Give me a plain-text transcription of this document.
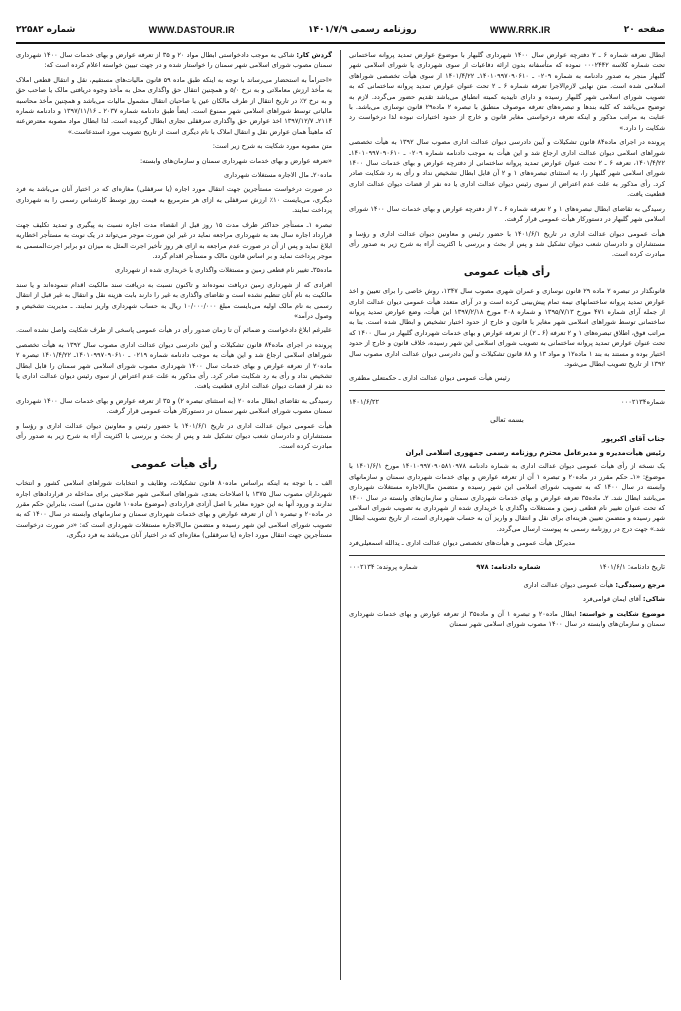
صفحه ۲۰
WWW.RRK.IR
روزنامه رسمی ۱۴۰۱/۷/۹
WWW.DASTOUR.IR
شماره ۲۲۵۸۲

ابطال تعرفه شماره ۶ ـ ۲ دفترچه عوارض سال ۱۴۰۰ شهرداری گلبهار با موضوع عوارض تمدید پروانه ساختمانی تحت شماره کلاسه ۰۰۰۲۴۴۲ نموده که متأسفانه بدون ارائه دفاعیات از سوی شهرداری یا شورای اسلامی شهر گلبهار منجر به صدور دادنامه به شماره ۰۲۰۹ ـ ۱۴۰۱۰۹۹۷۰۹۰۶۱۰ـ ۱۴۰۱/۴/۲۲ از سوی هیأت تخصصی شوراهای اسلامی شده است. متن نهایی لازم‌الاجرا تعرفه شماره ۶ ـ ۲ تحت عنوان عوارض تمدید پروانه ساختمانی که به تصویب شورای اسلامی شهر گلبهار رسیده و دارای تاییدیه کمیته انطباق می‌باشد تقدیم حضور می‌گردد. لازم به توضیح می‌باشد که کلیه بندها و تبصره‌های تعرفه موصوف منطبق با تبصره ۲ ماده۲۹ قانون نوسازی می‌باشد. با عنایت به مراتب مذکور و اینکه تعرفه درخواستی مغایر قانون و خارج از حدود اختیارات نبوده لذا درخواست رد شکایت را دارد.»

پرونده در اجرای ماده۸۴ قانون تشکیلات و آیین دادرسی دیوان عدالت اداری مصوب سال ۱۳۹۲ به هیأت تخصصی شوراهای اسلامی دیوان عدالت اداری ارجاع شد و این هیأت به موجب دادنامه شماره ۰۲۰۹ ـ ۱۴۰۱۰۹۹۷۰۹۰۶۱۰ـ ۱۴۰۱/۴/۲۲، تعرفه ۶ ـ ۲ تحت عنوان عوارض تمدید پروانه ساختمانی از دفترچه عوارض و بهای خدمات سال ۱۴۰۰ شورای اسلامی شهر گلبهار را، به استثنای تبصره‌های ۱ و ۲ آن قابل ابطال تشخیص نداد و رأی به رد شکایت صادر کرد. رأی مذکور به علت عدم اعتراض از سوی رئیس دیوان عدالت اداری یا ده نفر از قضات دیوان عدالت اداری قطعیت یافت.

رسیدگی به تقاضای ابطال تبصره‌های ۱ و ۲ تعرفه شماره ۶ ـ ۲ از دفترچه عوارض و بهای خدمات سال ۱۴۰۰ شورای اسلامی شهر گلبهار در دستورکار هیأت عمومی قرار گرفت.

هیأت عمومی دیوان عدالت اداری در تاریخ ۱۴۰۱/۶/۱ با حضور رئیس و معاونین دیوان عدالت اداری و رؤسا و مستشاران و دادرسان شعب دیوان تشکیل شد و پس از بحث و بررسی با اکثریت آراء به شرح زیر به صدور رأی مبادرت کرده است.

رأی هیأت عمومی

قانونگذار در تبصره ۲ ماده ۲۹ قانون نوسازی و عمران شهری مصوب سال ۱۳۴۷، روش خاصی را برای تعیین و اخذ عوارض تمدید پروانه ساختمانهای نیمه تمام پیش‌بینی کرده است و در آرای متعدد هیأت عمومی دیوان عدالت اداری از جمله آرای شماره ۴۷۱ مورخ ۱۳۹۵/۷/۱۳ و شماره ۳۰۸ مورخ ۱۳۹۷/۲/۱۸ این هیأت، وضع عوارض تمدید پروانه ساختمانی توسط شوراهای اسلامی شهر مغایر با قانون و خارج از حدود اختیار تشخیص و ابطال شده است. بنا به مراتب فوق، اطلاق تبصره‌های ۱ و ۲ تعرفه (۶ ـ ۲) از تعرفه عوارض و بهای خدمات شهرداری گلبهار در سال ۱۴۰۰ که تحت عنوان عوارض تمدید پروانه ساختمانی به تصویب شورای اسلامی این شهر رسیده، خلاف قانون و خارج از حدود اختیار بوده و مستند به بند ۱ ماده۱۲ و مواد ۱۳ و ۸۸ قانون تشکیلات و آیین دادرسی دیوان عدالت اداری مصوب سال ۱۳۹۲ از تاریخ تصویب ابطال می‌شود.

رئیس هیأت عمومی دیوان عدالت اداری ـ حکمتعلی مظفری

شماره۰۰۰۲۱۳۴
۱۴۰۱/۶/۲۲
بسمه تعالی
جناب آقای اکبرپور
رئیس هیأت‌مدیره و مدیرعامل محترم روزنامه رسمی جمهوری اسلامی ایران

یک نسخه از رأی هیأت عمومی دیوان عدالت اداری به شماره دادنامه ۱۴۰۱۰۹۹۷۰۹۰۵۸۱۰۹۷۸ مورخ ۱۴۰۱/۶/۱ با موضوع: «۱ـ حکم مقرر در ماده۲۰ و تبصره ۱ آن از تعرفه عوارض و بهای خدمات شهرداری سمنان و سازمانهای وابسته در سال ۱۴۰۰ که به تصویب شورای اسلامی این شهر رسیده و متضمن مال‌الاجاره مستغلات شهرداری می‌باشد ابطال شد. ۲ـ ماده۳۵ تعرفه عوارض و بهای خدمات شهرداری سمنان و سازمان‌های وابسته در سال ۱۴۰۰ که تحت عنوان تغییر نام قطعی زمین و مستغلات واگذاری یا خریداری شده از شهرداری به تصویب شورای اسلامی شهر رسیده و متضمن تعیین هزینه‌ای برای نقل و انتقال و واریز آن به حساب شهرداری است، از تاریخ تصویب ابطال شد.» جهت درج در روزنامه رسمی به پیوست ارسال می‌گردد.

مدیرکل هیأت عمومی و هیأت‌های تخصصی دیوان عدالت اداری ـ یدالله اسمعیلی‌فرد

تاریخ دادنامه: ۱۴۰۱/۶/۱
شماره دادنامه: ۹۷۸
شماره پرونده: ۰۰۰۲۱۳۴

مرجع رسیدگی: هیأت عمومی دیوان عدالت اداری

شاکی: آقای ایمان قوامی‌فرد

موضوع شکایت و خواسته: ابطال ماده۲۰ و تبصره ۱ آن و ماده۳۵ از تعرفه عوارض و بهای خدمات شهرداری سمنان و سازمان‌های وابسته در سال ۱۴۰۰ مصوب شورای اسلامی شهر سمنان

گردش کار: شاکی به موجب دادخواستی ابطال مواد ۲۰ و ۳۵ از تعرفه عوارض و بهای خدمات سال ۱۴۰۰ شهرداری سمنان مصوب شورای اسلامی شهر سمنان را خواستار شده و در جهت تبیین خواسته اعلام کرده است که:

«احتراماً به استحضار می‌رساند با توجه به اینکه طبق ماده ۵۹ قانون مالیات‌های مستقیم، نقل و انتقال قطعی املاک به مأخذ ارزش معاملاتی و به نرخ ۵/۰ و همچنین انتقال حق واگذاری محل به مأخذ وجوه دریافتی مالک یا صاحب حق و به نرخ ۲٪ در تاریخ انتقال از طرف مالکان عین یا صاحبان انتقال مشمول مالیات می‌باشد و همچنین مأخذ محاسبه مالیاتی توسط شوراهای اسلامی شهر ممنوع است. ایضاً طبق دادنامه شماره ۲۰۳۷ ـ ۱۳۹۷/۱۱/۱۶ و دادنامه شماره ۲۱۱۴ـ ۱۳۹۷/۱۲/۷ اخذ عوارض حق واگذاری سرقفلی تجاری ابطال گردیده است. لذا ابطال مواد مصوبه معترض‌عنه که ماهیتاً همان عوارض نقل و انتقال املاک با نام دیگری است از تاریخ تصویب مورد استدعاست.»

متن مصوبه مورد شکایت به شرح زیر است:

«تعرفه عوارض و بهای خدمات شهرداری سمنان و سازمان‌های وابسته:

ماده۲۰ـ مال الاجاره مستغلات شهرداری

در صورت درخواست مستأجرین جهت انتقال مورد اجاره (یا سرقفلی) مغازه‌ای که در اختیار آنان می‌باشد به فرد دیگری، می‌بایست ۱۰٪ ارزش سرقفلی به ازای هر مترمربع به قیمت روز توسط کارشناس رسمی را به شهرداری پرداخت نمایند.

تبصره ۱ـ مستأجر حداکثر ظرف مدت ۱۵ روز قبل از انقضاء مدت اجاره نسبت به پیگیری و تمدید تکلیف جهت قرارداد اجاره سال بعد به شهرداری مراجعه نماید در غیر این صورت موجر می‌تواند در یک نوبت به مستأجر اخطاریه ابلاغ نماید و پس از آن در صورت عدم مراجعه به ازای هر روز تأخیر اجرت المثل به میزان دو برابر اجرت‌المسمی به موجر پرداخت نماید و بر اساس قانون مالک و مستأجر اقدام گردد.

ماده۳۵ـ تغییر نام قطعی زمین و مستغلات واگذاری یا خریداری شده از شهرداری

افرادی که از شهرداری زمین دریافت نموده‌اند و تاکنون نسبت به دریافت سند مالکیت اقدام ننموده‌اند و یا سند مالکیت به نام آنان تنظیم نشده است و تقاضای واگذاری به غیر را دارند بابت هزینه نقل و انتقال به غیر قبل از انتقال رسمی به نام مالک اولیه می‌بایست مبلغ ۱۰/۰۰۰/۰۰۰ ریال به حساب شهرداری واریز نمایند. ـ مدیریت تشخیص و وصول درآمد»

علیرغم ابلاغ دادخواست و ضمائم آن تا زمان صدور رأی در هیأت عمومی پاسخی از طرف شکایت واصل نشده است.

پرونده در اجرای ماده۸۴ قانون تشکیلات و آیین دادرسی دیوان عدالت اداری مصوب سال ۱۳۹۲ به هیأت تخصصی شوراهای اسلامی ارجاع شد و این هیأت به موجب دادنامه شماره ۰۲۱۹ ـ ۱۴۰۱۰۹۹۷۰۹۰۶۱۰ـ ۱۴۰۱/۴/۲۲ تبصره ۲ ماده۲۰ از تعرفه عوارض و بهای خدمات سال ۱۴۰۰ شهرداری مصوب شورای اسلامی شهر سمنان را قابل ابطال تشخیص نداد و رأی به رد شکایت صادر کرد. رأی مذکور به علت عدم اعتراض از سوی رئیس دیوان عدالت اداری یا ده نفر از قضات دیوان عدالت اداری قطعیت یافت.

رسیدگی به تقاضای ابطال ماده ۲۰ (به استثنای تبصره ۲) و ۳۵ از تعرفه عوارض و بهای خدمات سال ۱۴۰۰ شهرداری سمنان مصوب شورای اسلامی شهر سمنان در دستورکار هیأت عمومی قرار گرفت.

هیأت عمومی دیوان عدالت اداری در تاریخ ۱۴۰۱/۶/۱ با حضور رئیس و معاونین دیوان عدالت اداری و رؤسا و مستشاران و دادرسان شعب دیوان تشکیل شد و پس از بحث و بررسی با اکثریت آراء به شرح زیر به صدور رأی مبادرت کرده است.

رأی هیأت عمومی

الف ـ با توجه به اینکه براساس ماده۸۰ قانون تشکیلات، وظایف و انتخابات شوراهای اسلامی کشور و انتخاب شهرداران مصوب سال ۱۳۷۵ با اصلاحات بعدی، شوراهای اسلامی شهر صلاحیتی برای مداخله در قراردادهای اجاره ندارند و ورود آنها به این حوزه مغایر با اصل آزادی قراردادی (موضوع ماده۱۰ قانون مدنی) است، بنابراین حکم مقرر در ماده۲۰ و تبصره ۱ آن از تعرفه عوارض و بهای خدمات شهرداری سمنان و سازمانهای وابسته در سال ۱۴۰۰ که به تصویب شورای اسلامی این شهر رسیده و متضمن مال‌الاجاره مستغلات شهرداری است که: «در صورت درخواست مستأجرین جهت انتقال مورد اجاره (یا سرقفلی) مغازه‌ای که در اختیار آنان می‌باشد به فرد دیگری،
